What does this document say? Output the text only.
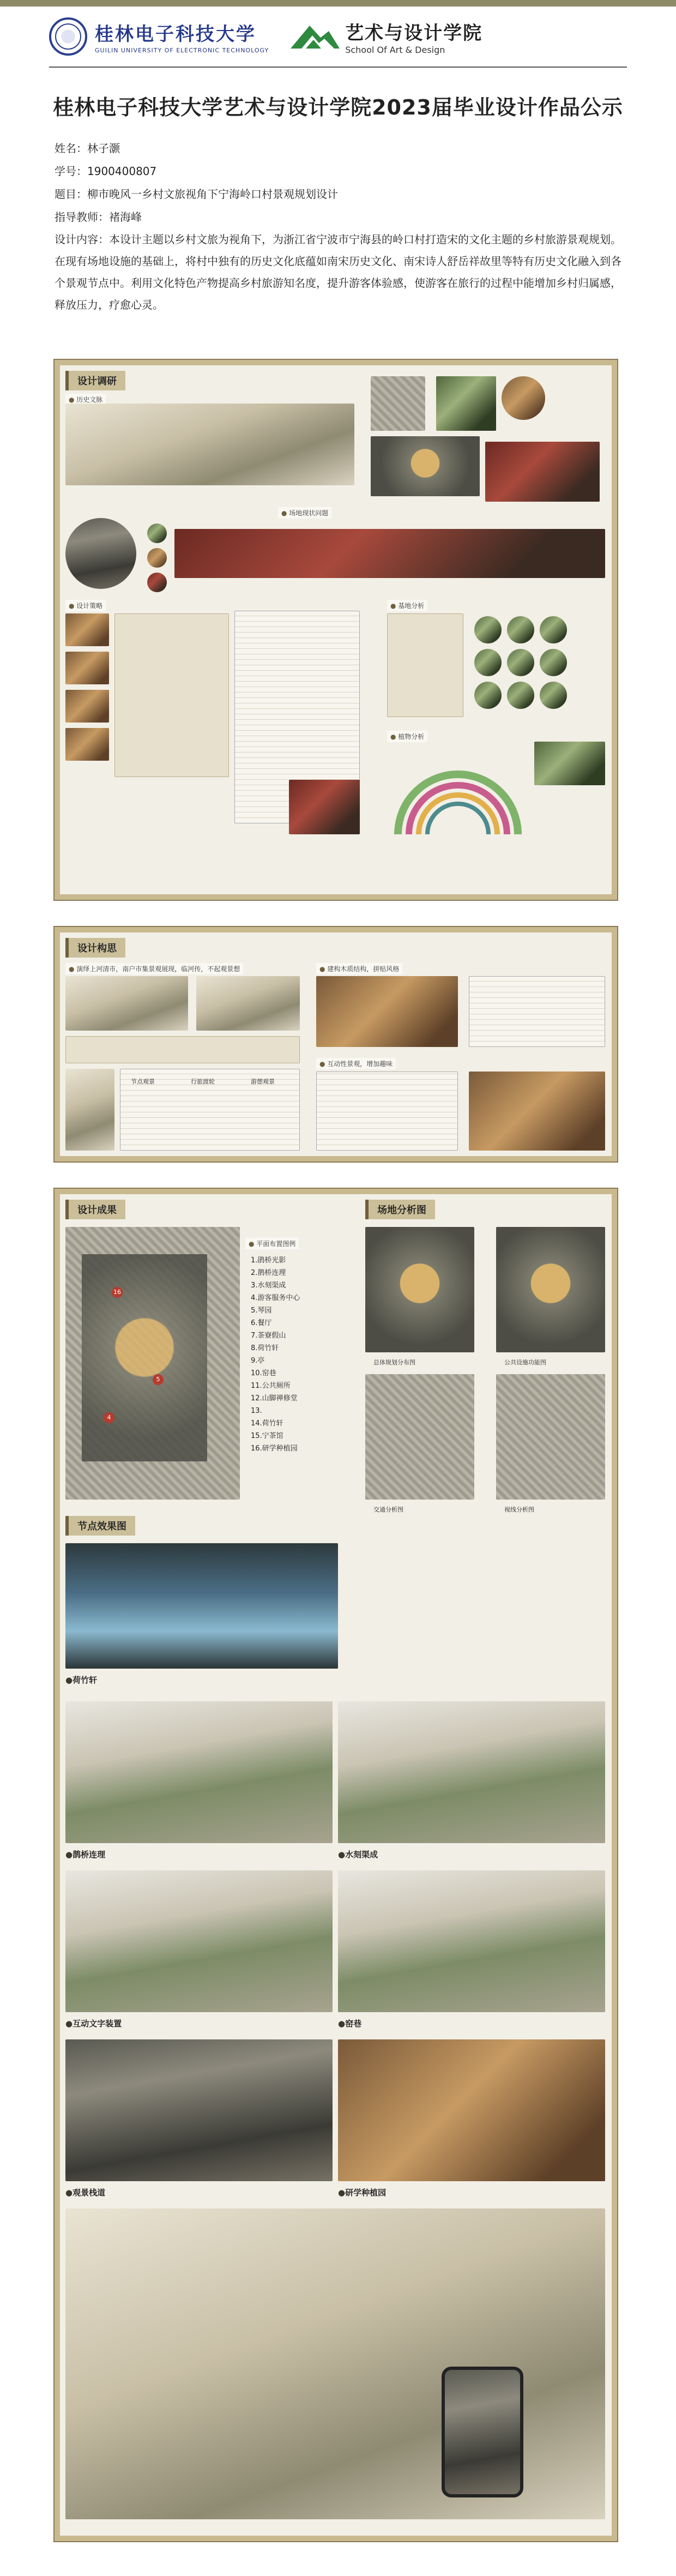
桂林电子科技大学
GUILIN UNIVERSITY OF ELECTRONIC TECHNOLOGY
艺术与设计学院
School Of Art & Design
桂林电子科技大学艺术与设计学院2023届毕业设计作品公示
姓名：林子灏
学号：1900400807
题目：柳市晚风一乡村文旅视角下宁海岭口村景观规划设计
指导教师：褚海峰

设计内容：本设计主题以乡村文旅为视角下，为浙江省宁波市宁海县的岭口村打造宋的文化主题的乡村旅游景观规划。在现有场地设施的基础上，将村中独有的历史文化底蕴如南宋历史文化、南宋诗人舒岳祥故里等特有历史文化融入到各个景观节点中。利用文化特色产物提高乡村旅游知名度，提升游客体验感，使游客在旅行的过程中能增加乡村归属感，释放压力，疗愈心灵。

设计调研
● 历史文脉
● 场地现状问题
● 设计策略	● 基地分析
● 植物分析
设计构思
● 演绎上河清市，南户市集景观展现，临河传，不起观景想
节点观景	行旅渡轮	游憩观景
● 建构木质结构，拼贴风格
● 互动性景观，增加趣味
设计成果	场地分析图
16
5
4
● 平面布置图例
1.鹃桥光影
2.鹊桥连理
3.水刻渠成
4.游客服务中心
5.琴园
6.餐厅
7.茶寮假山
8.荷竹轩
9.亭
10.窑巷
11.公共厕所
12.山脚禅修堂
13.
14.荷竹轩
15.宁茶馆
16.研学种植园
总体规划分布图	公共设施功能图
交通分析图	视线分析图
节点效果图
● 荷竹轩
● 鹊桥连理	● 水刻渠成
● 互动文字装置	● 窑巷
● 观景栈道	● 研学种植园
